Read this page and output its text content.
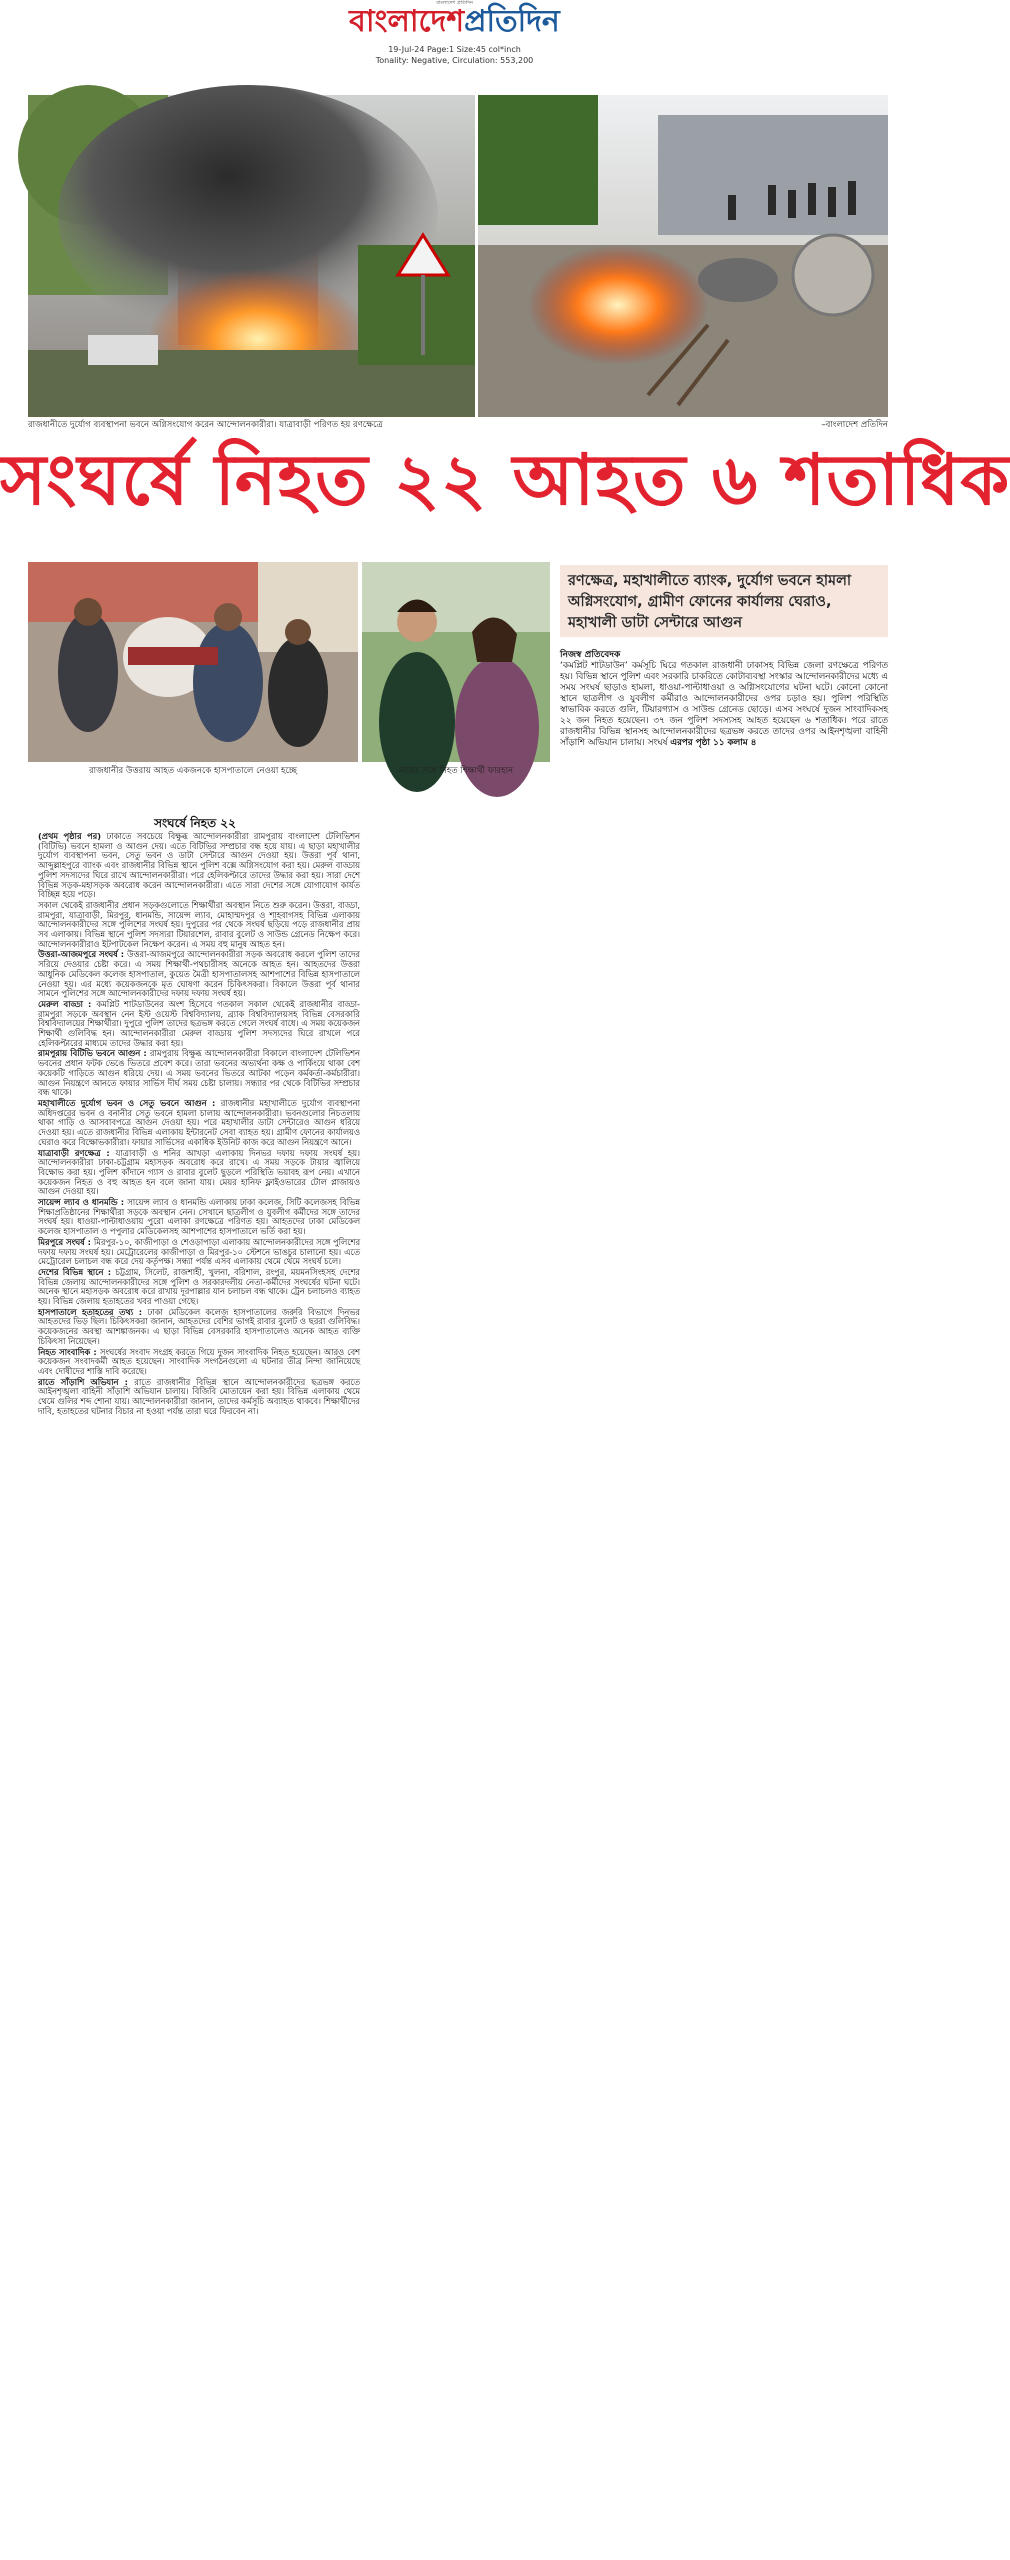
বাংলাদেশ প্রতিদিন
বাংলাদেশপ্রতিদিন
19-Jul-24 Page:1 Size:45 col*inch
Tonality: Negative, Circulation: 553,200
রাজধানীতে দুর্যোগ ব্যবস্থাপনা ভবনে অগ্নিসংযোগ করেন আন্দোলনকারীরা। যাত্রাবাড়ী পরিণত হয় রণক্ষেত্রে	–বাংলাদেশ প্রতিদিন
সংঘর্ষে নিহত ২২ আহত ৬ শতাধিক
রাজধানীর উত্তরায় আহত একজনকে হাসপাতালে নেওয়া হচ্ছে	মায়ের সঙ্গে নিহত শিক্ষার্থী ফারহান
রণক্ষেত্র, মহাখালীতে ব্যাংক, দুর্যোগ ভবনে হামলা অগ্নিসংযোগ, গ্রামীণ ফোনের কার্যালয় ঘেরাও, মহাখালী ডাটা সেন্টারে আগুন
নিজস্ব প্রতিবেদক
‘কমপ্লিট শাটডাউন’ কর্মসূচি ঘিরে গতকাল রাজধানী ঢাকাসহ বিভিন্ন জেলা রণক্ষেত্রে পরিণত হয়। বিভিন্ন স্থানে পুলিশ এবং সরকারি চাকরিতে কোটাব্যবস্থা সংস্কার আন্দোলনকারীদের মধ্যে এ সময় সংঘর্ষ ছাড়াও হামলা, ধাওয়া-পাল্টাধাওয়া ও অগ্নিসংযোগের ঘটনা ঘটে। কোনো কোনো স্থানে ছাত্রলীগ ও যুবলীগ কর্মীরাও আন্দোলনকারীদের ওপর চড়াও হয়। পুলিশ পরিস্থিতি স্বাভাবিক করতে গুলি, টিয়ারগ্যাস ও সাউন্ড গ্রেনেড ছোড়ে। এসব সংঘর্ষে দুজন সাংবাদিকসহ ২২ জন নিহত হয়েছেন। ৩৭ জন পুলিশ সদস্যসহ আহত হয়েছেন ৬ শতাধিক। পরে রাতে রাজধানীর বিভিন্ন স্থানসহ আন্দোলনকারীদের ছত্রভঙ্গ করতে তাদের ওপর আইনশৃঙ্খলা বাহিনী সাঁড়াশি অভিযান চালায়। সংঘর্ষ এরপর পৃষ্ঠা ১১ কলাম ৪
সংঘর্ষে নিহত ২২

(প্রথম পৃষ্ঠার পর) ঢাকাতে সবচেয়ে বিক্ষুব্ধ আন্দোলনকারীরা রামপুরায় বাংলাদেশ টেলিভিশন (বিটিভি) ভবনে হামলা ও আগুন দেয়। এতে বিটিভির সম্প্রচার বন্ধ হয়ে যায়। এ ছাড়া মহাখালীর দুর্যোগ ব্যবস্থাপনা ভবন, সেতু ভবন ও ডাটা সেন্টারে আগুন দেওয়া হয়। উত্তরা পূর্ব থানা, আব্দুল্লাহপুরে ব্যাংক এবং রাজধানীর বিভিন্ন স্থানে পুলিশ বক্সে অগ্নিসংযোগ করা হয়। মেরুল বাড্ডায় পুলিশ সদস্যদের ঘিরে রাখে আন্দোলনকারীরা। পরে হেলিকপ্টারে তাদের উদ্ধার করা হয়। সারা দেশে বিভিন্ন সড়ক-মহাসড়ক অবরোধ করেন আন্দোলনকারীরা। এতে সারা দেশের সঙ্গে যোগাযোগ কার্যত বিচ্ছিন্ন হয়ে পড়ে।

সকাল থেকেই রাজধানীর প্রধান সড়কগুলোতে শিক্ষার্থীরা অবস্থান নিতে শুরু করেন। উত্তরা, বাড্ডা, রামপুরা, যাত্রাবাড়ী, মিরপুর, ধানমন্ডি, সায়েন্স ল্যাব, মোহাম্মদপুর ও শাহবাগসহ বিভিন্ন এলাকায় আন্দোলনকারীদের সঙ্গে পুলিশের সংঘর্ষ হয়। দুপুরের পর থেকে সংঘর্ষ ছড়িয়ে পড়ে রাজধানীর প্রায় সব এলাকায়। বিভিন্ন স্থানে পুলিশ সদস্যরা টিয়ারশেল, রাবার বুলেট ও সাউন্ড গ্রেনেড নিক্ষেপ করে। আন্দোলনকারীরাও ইটপাটকেল নিক্ষেপ করেন। এ সময় বহু মানুষ আহত হন।

উত্তরা-আজমপুরে সংঘর্ষ : উত্তরা-আজমপুরে আন্দোলনকারীরা সড়ক অবরোধ করলে পুলিশ তাদের সরিয়ে দেওয়ার চেষ্টা করে। এ সময় শিক্ষার্থী-পথচারীসহ অনেকে আহত হন। আহতদের উত্তরা আধুনিক মেডিকেল কলেজ হাসপাতাল, কুয়েত মৈত্রী হাসপাতালসহ আশপাশের বিভিন্ন হাসপাতালে নেওয়া হয়। এর মধ্যে কয়েকজনকে মৃত ঘোষণা করেন চিকিৎসকরা। বিকালে উত্তরা পূর্ব থানার সামনে পুলিশের সঙ্গে আন্দোলনকারীদের দফায় দফায় সংঘর্ষ হয়।

মেরুল বাড্ডা : কমপ্লিট শাটডাউনের অংশ হিসেবে গতকাল সকাল থেকেই রাজধানীর বাড্ডা-রামপুরা সড়কে অবস্থান নেন ইস্ট ওয়েস্ট বিশ্ববিদ্যালয়, ব্র্যাক বিশ্ববিদ্যালয়সহ বিভিন্ন বেসরকারি বিশ্ববিদ্যালয়ের শিক্ষার্থীরা। দুপুরে পুলিশ তাদের ছত্রভঙ্গ করতে গেলে সংঘর্ষ বাধে। এ সময় কয়েকজন শিক্ষার্থী গুলিবিদ্ধ হন। আন্দোলনকারীরা মেরুল বাড্ডায় পুলিশ সদস্যদের ঘিরে রাখলে পরে হেলিকপ্টারের মাধ্যমে তাদের উদ্ধার করা হয়।

রামপুরায় বিটিভি ভবনে আগুন : রামপুরায় বিক্ষুব্ধ আন্দোলনকারীরা বিকালে বাংলাদেশ টেলিভিশন ভবনের প্রধান ফটক ভেঙে ভিতরে প্রবেশ করে। তারা ভবনের অভ্যর্থনা কক্ষ ও পার্কিংয়ে থাকা বেশ কয়েকটি গাড়িতে আগুন ধরিয়ে দেয়। এ সময় ভবনের ভিতরে আটকা পড়েন কর্মকর্তা-কর্মচারীরা। আগুন নিয়ন্ত্রণে আনতে ফায়ার সার্ভিস দীর্ঘ সময় চেষ্টা চালায়। সন্ধ্যার পর থেকে বিটিভির সম্প্রচার বন্ধ থাকে।

মহাখালীতে দুর্যোগ ভবন ও সেতু ভবনে আগুন : রাজধানীর মহাখালীতে দুর্যোগ ব্যবস্থাপনা অধিদপ্তরের ভবন ও বনানীর সেতু ভবনে হামলা চালায় আন্দোলনকারীরা। ভবনগুলোর নিচতলায় থাকা গাড়ি ও আসবাবপত্রে আগুন দেওয়া হয়। পরে মহাখালীর ডাটা সেন্টারেও আগুন ধরিয়ে দেওয়া হয়। এতে রাজধানীর বিভিন্ন এলাকায় ইন্টারনেট সেবা ব্যাহত হয়। গ্রামীণ ফোনের কার্যালয়ও ঘেরাও করে বিক্ষোভকারীরা। ফায়ার সার্ভিসের একাধিক ইউনিট কাজ করে আগুন নিয়ন্ত্রণে আনে।

যাত্রাবাড়ী রণক্ষেত্র : যাত্রাবাড়ী ও শনির আখড়া এলাকায় দিনভর দফায় দফায় সংঘর্ষ হয়। আন্দোলনকারীরা ঢাকা-চট্টগ্রাম মহাসড়ক অবরোধ করে রাখে। এ সময় সড়কে টায়ার জ্বালিয়ে বিক্ষোভ করা হয়। পুলিশ কাঁদানে গ্যাস ও রাবার বুলেট ছুড়লে পরিস্থিতি ভয়াবহ রূপ নেয়। এখানে কয়েকজন নিহত ও বহু আহত হন বলে জানা যায়। মেয়র হানিফ ফ্লাইওভারের টোল প্লাজায়ও আগুন দেওয়া হয়।

সায়েন্স ল্যাব ও ধানমন্ডি : সায়েন্স ল্যাব ও ধানমন্ডি এলাকায় ঢাকা কলেজ, সিটি কলেজসহ বিভিন্ন শিক্ষাপ্রতিষ্ঠানের শিক্ষার্থীরা সড়কে অবস্থান নেন। সেখানে ছাত্রলীগ ও যুবলীগ কর্মীদের সঙ্গে তাদের সংঘর্ষ হয়। ধাওয়া-পাল্টাধাওয়ায় পুরো এলাকা রণক্ষেত্রে পরিণত হয়। আহতদের ঢাকা মেডিকেল কলেজ হাসপাতাল ও পপুলার মেডিকেলসহ আশপাশের হাসপাতালে ভর্তি করা হয়।

মিরপুরে সংঘর্ষ : মিরপুর-১০, কাজীপাড়া ও শেওড়াপাড়া এলাকায় আন্দোলনকারীদের সঙ্গে পুলিশের দফায় দফায় সংঘর্ষ হয়। মেট্রোরেলের কাজীপাড়া ও মিরপুর-১০ স্টেশনে ভাঙচুর চালানো হয়। এতে মেট্রোরেল চলাচল বন্ধ করে দেয় কর্তৃপক্ষ। সন্ধ্যা পর্যন্ত এসব এলাকায় থেমে থেমে সংঘর্ষ চলে।

দেশের বিভিন্ন স্থানে : চট্টগ্রাম, সিলেট, রাজশাহী, খুলনা, বরিশাল, রংপুর, ময়মনসিংহসহ দেশের বিভিন্ন জেলায় আন্দোলনকারীদের সঙ্গে পুলিশ ও সরকারদলীয় নেতা-কর্মীদের সংঘর্ষের ঘটনা ঘটে। অনেক স্থানে মহাসড়ক অবরোধ করে রাখায় দূরপাল্লার যান চলাচল বন্ধ থাকে। ট্রেন চলাচলও ব্যাহত হয়। বিভিন্ন জেলায় হতাহতের খবর পাওয়া গেছে।

হাসপাতালে হতাহতের তথ্য : ঢাকা মেডিকেল কলেজ হাসপাতালের জরুরি বিভাগে দিনভর আহতদের ভিড় ছিল। চিকিৎসকরা জানান, আহতদের বেশির ভাগই রাবার বুলেট ও ছররা গুলিবিদ্ধ। কয়েকজনের অবস্থা আশঙ্কাজনক। এ ছাড়া বিভিন্ন বেসরকারি হাসপাতালেও অনেক আহত ব্যক্তি চিকিৎসা নিয়েছেন।

নিহত সাংবাদিক : সংঘর্ষের সংবাদ সংগ্রহ করতে গিয়ে দুজন সাংবাদিক নিহত হয়েছেন। আরও বেশ কয়েকজন সংবাদকর্মী আহত হয়েছেন। সাংবাদিক সংগঠনগুলো এ ঘটনার তীব্র নিন্দা জানিয়েছে এবং দোষীদের শাস্তি দাবি করেছে।

রাতে সাঁড়াশি অভিযান : রাতে রাজধানীর বিভিন্ন স্থানে আন্দোলনকারীদের ছত্রভঙ্গ করতে আইনশৃঙ্খলা বাহিনী সাঁড়াশি অভিযান চালায়। বিজিবি মোতায়েন করা হয়। বিভিন্ন এলাকায় থেমে থেমে গুলির শব্দ শোনা যায়। আন্দোলনকারীরা জানান, তাদের কর্মসূচি অব্যাহত থাকবে। শিক্ষার্থীদের দাবি, হতাহতের ঘটনার বিচার না হওয়া পর্যন্ত তারা ঘরে ফিরবেন না।
